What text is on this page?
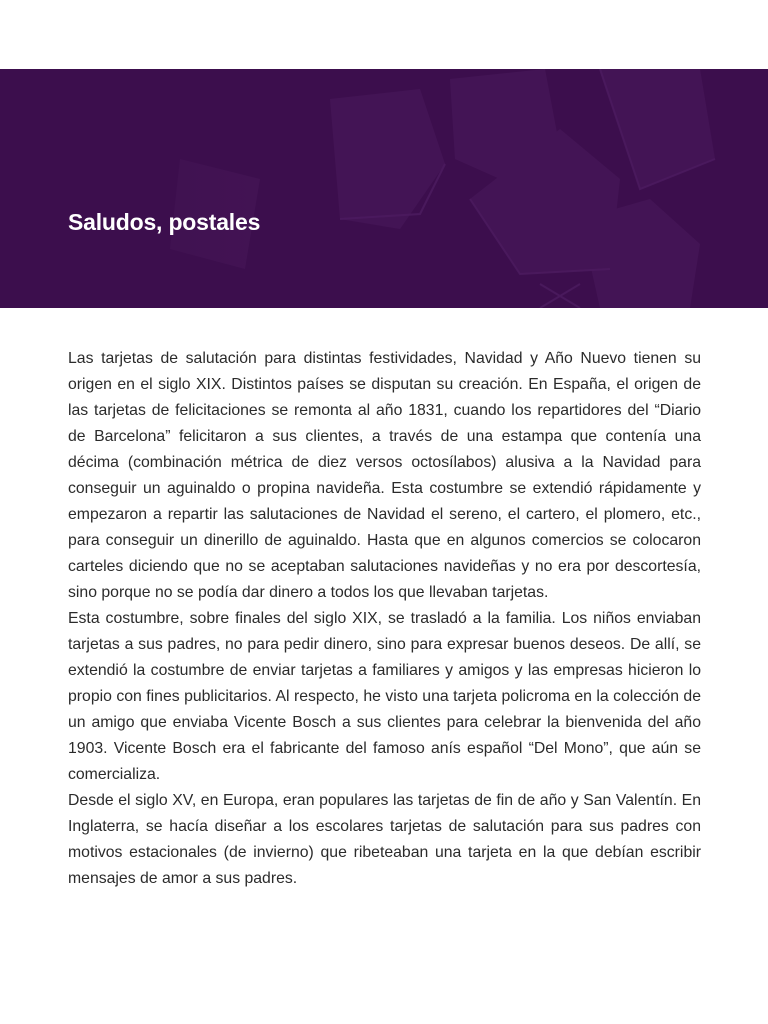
Saludos, postales

Las tarjetas de salutación para distintas festividades, Navidad y Año Nuevo tienen su origen en el siglo XIX. Distintos países se disputan su creación. En España, el origen de las tarjetas de felicitaciones se remonta al año 1831, cuando los repartidores del “Diario de Barcelona” felicitaron a sus clientes, a través de una estampa que contenía una décima (combinación métrica de diez versos octosílabos) alusiva a la Navidad para conseguir un aguinaldo o propina navideña. Esta costumbre se extendió rápidamente y empezaron a repartir las salutaciones de Navidad el sereno, el cartero, el plomero, etc., para conseguir un dinerillo de aguinaldo. Hasta que en algunos comercios se colocaron carteles diciendo que no se aceptaban salutaciones navideñas y no era por descortesía, sino porque no se podía dar dinero a todos los que llevaban tarjetas.

Esta costumbre, sobre finales del siglo XIX, se trasladó a la familia. Los niños enviaban tarjetas a sus padres, no para pedir dinero, sino para expresar buenos deseos. De allí, se extendió la costumbre de enviar tarjetas a familiares y amigos y las empresas hicieron lo propio con fines publicitarios. Al respecto, he visto una tarjeta policroma en la colección de un amigo que enviaba Vicente Bosch a sus clientes para celebrar la bienvenida del año 1903. Vicente Bosch era el fabricante del famoso anís español “Del Mono”, que aún se comercializa.

Desde el siglo XV, en Europa, eran populares las tarjetas de fin de año y San Valentín. En Inglaterra, se hacía diseñar a los escolares tarjetas de salutación para sus padres con motivos estacionales (de invierno) que ribeteaban una tarjeta en la que debían escribir mensajes de amor a sus padres.
